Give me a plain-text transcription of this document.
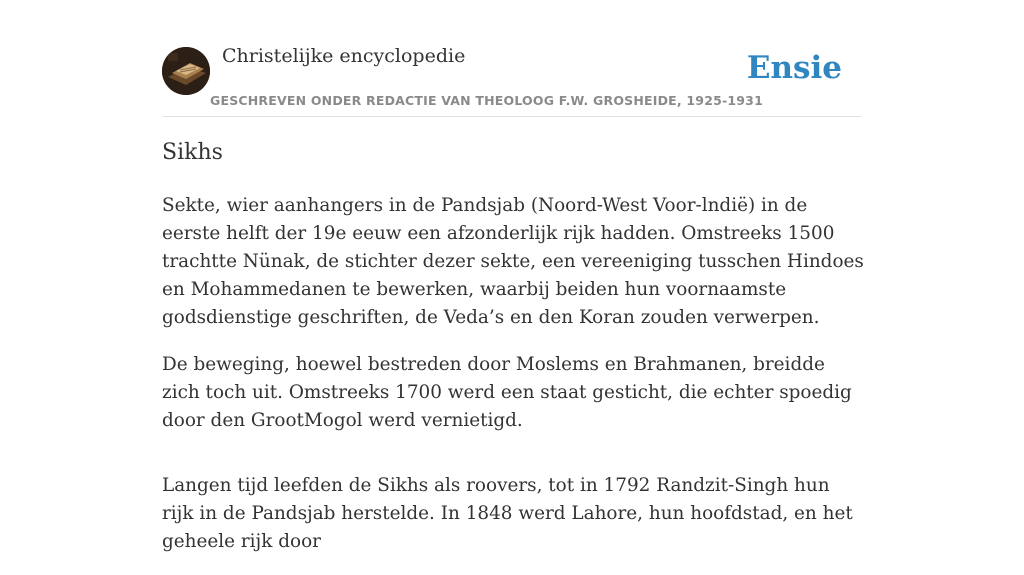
Christelijke encyclopedie
GESCHREVEN ONDER REDACTIE VAN THEOLOOG F.W. GROSHEIDE, 1925-1931
Ensie
Sikhs

Sekte, wier aanhangers in de Pandsjab (Noord-West Voor-lndië) in de eerste helft der 19e eeuw een afzonderlijk rijk hadden. Omstreeks 1500 trachtte Nünak, de stichter dezer sekte, een vereeniging tusschen Hindoes en Mohammedanen te bewerken, waarbij beiden hun voornaamste godsdienstige geschriften, de Veda’s en den Koran zouden verwerpen.

De beweging, hoewel bestreden door Moslems en Brahmanen, breidde zich toch uit. Omstreeks 1700 werd een staat gesticht, die echter spoedig door den GrootMogol werd vernietigd.

Langen tijd leefden de Sikhs als roovers, tot in 1792 Randzit-Singh hun rijk in de Pandsjab herstelde. In 1848 werd Lahore, hun hoofdstad, en het geheele rijk door
